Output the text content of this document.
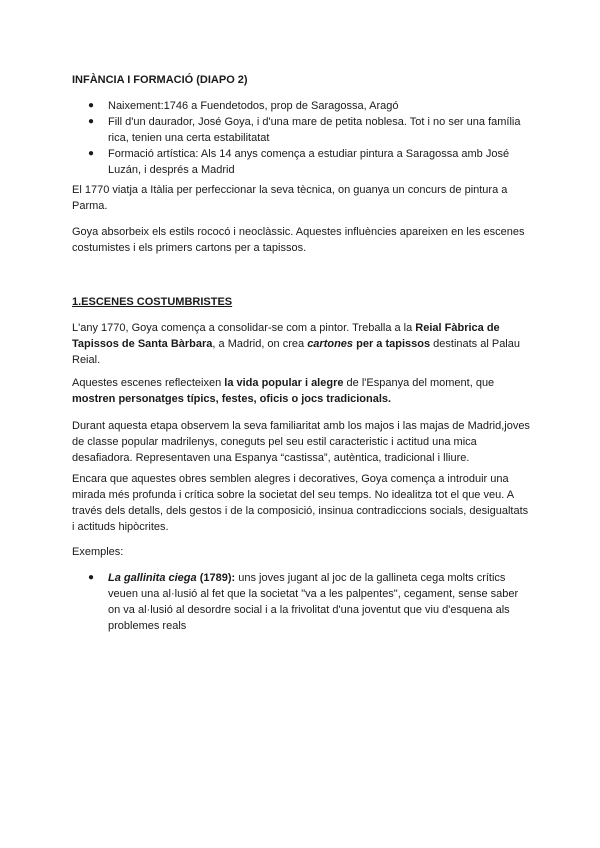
INFÀNCIA I FORMACIÓ (DIAPO 2)

●	Naixement:1746 a Fuendetodos, prop de Saragossa, Aragó
●	Fill d'un daurador, José Goya, i d'una mare de petita noblesa. Tot i no ser una família rica, tenien una certa estabilitatat
●	Formació artística: Als 14 anys comença a estudiar pintura a Saragossa amb José Luzán, i després a Madrid

El 1770 viatja a Itàlia per perfeccionar la seva tècnica, on guanya un concurs de pintura a Parma.

Goya absorbeix els estils rococó i neoclàssic. Aquestes influències apareixen en les escenes costumistes i els primers cartons per a tapissos.

1.ESCENES COSTUMBRISTES

L'any 1770, Goya comença a consolidar-se com a pintor. Treballa a la Reial Fàbrica de Tapissos de Santa Bàrbara, a Madrid, on crea cartones per a tapissos destinats al Palau Reial.

Aquestes escenes reflecteixen la vida popular i alegre de l'Espanya del moment, que mostren personatges típics, festes, oficis o jocs tradicionals.

Durant aquesta etapa observem la seva familiaritat amb los majos i las majas de Madrid,joves de classe popular madrilenys, coneguts pel seu estil caracteristic i actitud una mica desafiadora. Representaven una Espanya “castissa”, autèntica, tradicional i lliure.

Encara que aquestes obres semblen alegres i decoratives, Goya comença a introduir una mirada més profunda i crítica sobre la societat del seu temps. No idealitza tot el que veu. A través dels detalls, dels gestos i de la composició, insinua contradiccions socials, desigualtats i actituds hipòcrites.

Exemples:

●	La gallinita ciega (1789): uns joves jugant al joc de la gallineta cega molts crítics veuen una al·lusió al fet que la societat "va a les palpentes", cegament, sense saber on va al·lusió al desordre social i a la frivolitat d'una joventut que viu d'esquena als problemes reals
